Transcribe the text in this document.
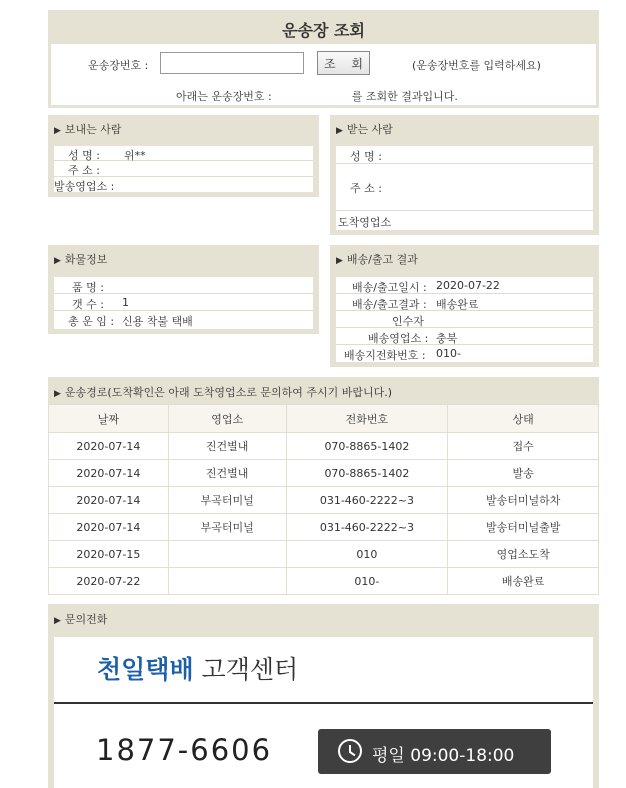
운송장 조회
운송장번호 :	조 회	(운송장번호를 입력하세요)
아래는 운송장번호 :	를 조회한 결과입니다.
▶ 보내는 사람
성 명 : 위**
주 소 :
발송영업소 :
▶ 받는 사람
성 명 :
주 소 :
도착영업소
▶ 화물정보
품 명 :
갯 수 : 1
총 운 임 : 신용 착불 택배
▶ 배송/출고 결과
배송/출고일시 : 2020-07-22
배송/출고결과 : 배송완료
인수자
배송영업소 : 충북
배송지전화번호 : 010-
▶ 운송경로(도착확인은 아래 도착영업소로 문의하여 주시기 바랍니다.)
날짜	영업소	전화번호	상태
2020-07-14	진건별내	070-8865-1402	접수
2020-07-14	진건별내	070-8865-1402	발송
2020-07-14	부곡터미널	031-460-2222~3	발송터미널하차
2020-07-14	부곡터미널	031-460-2222~3	발송터미널출발
2020-07-15		010	영업소도착
2020-07-22		010-	배송완료
▶ 문의전화
천일택배 고객센터
1877-6606	평일 09:00-18:00
